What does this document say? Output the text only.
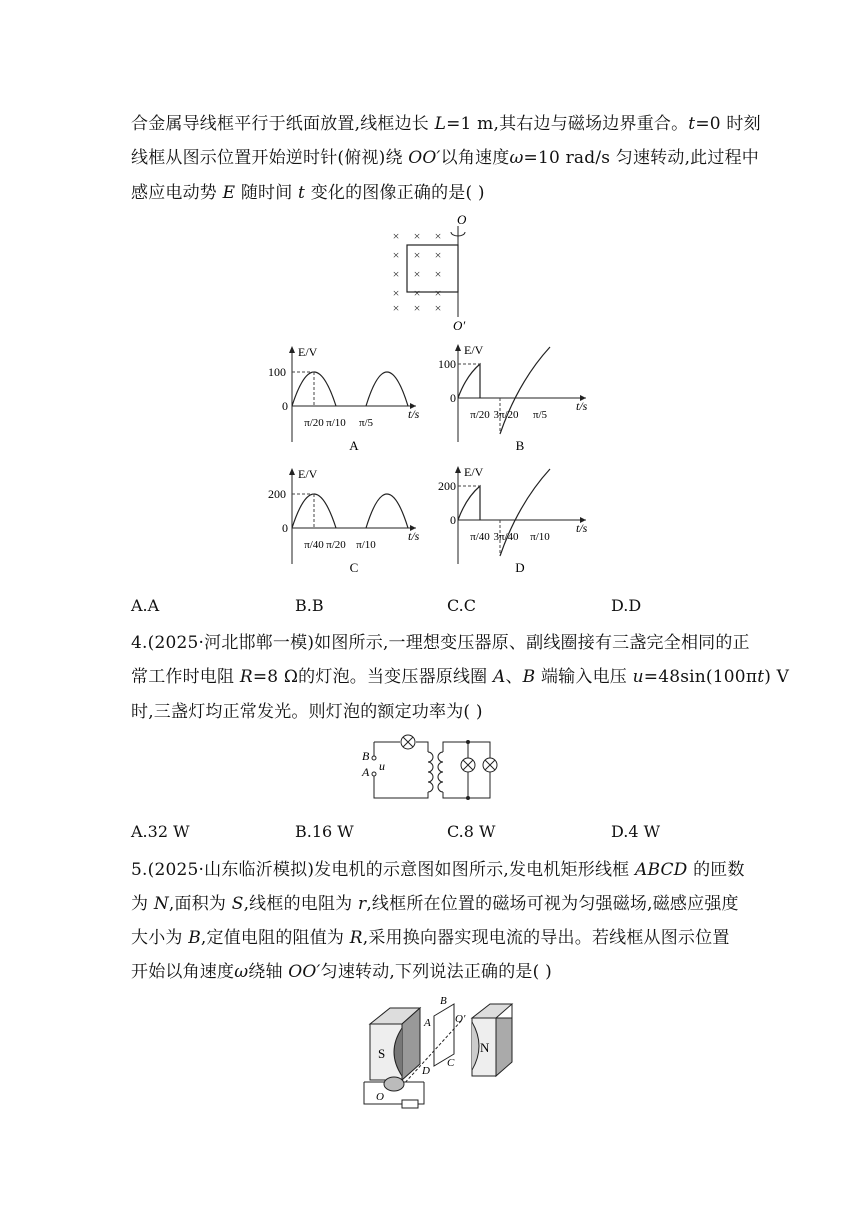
合金属导线框平行于纸面放置,线框边长 L=1 m,其右边与磁场边界重合。t=0 时刻
线框从图示位置开始逆时针(俯视)绕 OO′以角速度ω=10 rad/s 匀速转动,此过程中
感应电动势 E 随时间 t 变化的图像正确的是( )
× × ×
× × ×
× × ×
× × ×
× × ×
O
O′
E/V
100
0
t/s
π/20 π/10 π/5
A
E/V
100
0
t/s
π/20 3π/20 π/5
B
E/V
200
0
t/s
π/40 π/20 π/10
C
E/V
200
0
t/s
π/40 3π/40 π/10
D
A.A	B.B	C.C	D.D
4.(2025·河北邯郸一模)如图所示,一理想变压器原、副线圈接有三盏完全相同的正
常工作时电阻 R=8 Ω的灯泡。当变压器原线圈 A、B 端输入电压 u=48sin(100πt) V
时,三盏灯均正常发光。则灯泡的额定功率为( )
B
A u
A.32 W	B.16 W	C.8 W	D.4 W
5.(2025·山东临沂模拟)发电机的示意图如图所示,发电机矩形线框 ABCD 的匝数
为 N,面积为 S,线框的电阻为 r,线框所在位置的磁场可视为匀强磁场,磁感应强度
大小为 B,定值电阻的阻值为 R,采用换向器实现电流的导出。若线框从图示位置
开始以角速度ω绕轴 OO′匀速转动,下列说法正确的是( )
S	N
A
B
C
D
O′
O
